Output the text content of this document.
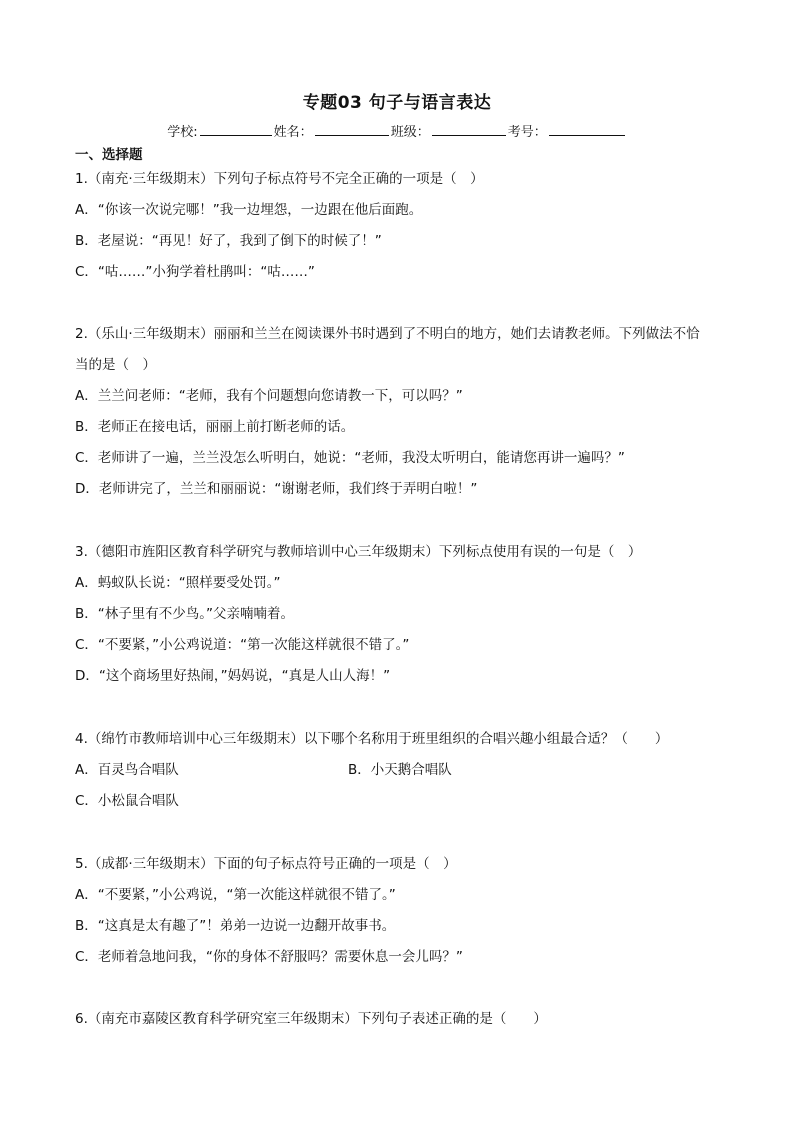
专题03 句子与语言表达
学校:	姓名：	班级：	考号：
一、选择题
1.（南充·三年级期末）下列句子标点符号不完全正确的一项是（　）
A．“你该一次说完哪！”我一边埋怨，一边跟在他后面跑。
B．老屋说：“再见！好了，我到了倒下的时候了！”
C．“咕……”小狗学着杜鹃叫：“咕……”
2.（乐山·三年级期末）丽丽和兰兰在阅读课外书时遇到了不明白的地方，她们去请教老师。下列做法不恰
当的是（　）
A．兰兰问老师：“老师，我有个问题想向您请教一下，可以吗？”
B．老师正在接电话，丽丽上前打断老师的话。
C．老师讲了一遍，兰兰没怎么听明白，她说：“老师，我没太听明白，能请您再讲一遍吗？”
D．老师讲完了，兰兰和丽丽说：“谢谢老师，我们终于弄明白啦！”
3.（德阳市旌阳区教育科学研究与教师培训中心三年级期末）下列标点使用有误的一句是（　）
A．蚂蚁队长说：“照样要受处罚。”
B．“林子里有不少鸟。”父亲喃喃着。
C．“不要紧，”小公鸡说道：“第一次能这样就很不错了。”
D．“这个商场里好热闹，”妈妈说，“真是人山人海！”
4.（绵竹市教师培训中心三年级期末）以下哪个名称用于班里组织的合唱兴趣小组最合适？（　　）
A．百灵鸟合唱队	B．小天鹅合唱队
C．小松鼠合唱队
5.（成都·三年级期末）下面的句子标点符号正确的一项是（　）
A．“不要紧，”小公鸡说，“第一次能这样就很不错了。”
B．“这真是太有趣了”！弟弟一边说一边翻开故事书。
C．老师着急地问我，“你的身体不舒服吗？需要休息一会儿吗？”
6.（南充市嘉陵区教育科学研究室三年级期末）下列句子表述正确的是（　　）
